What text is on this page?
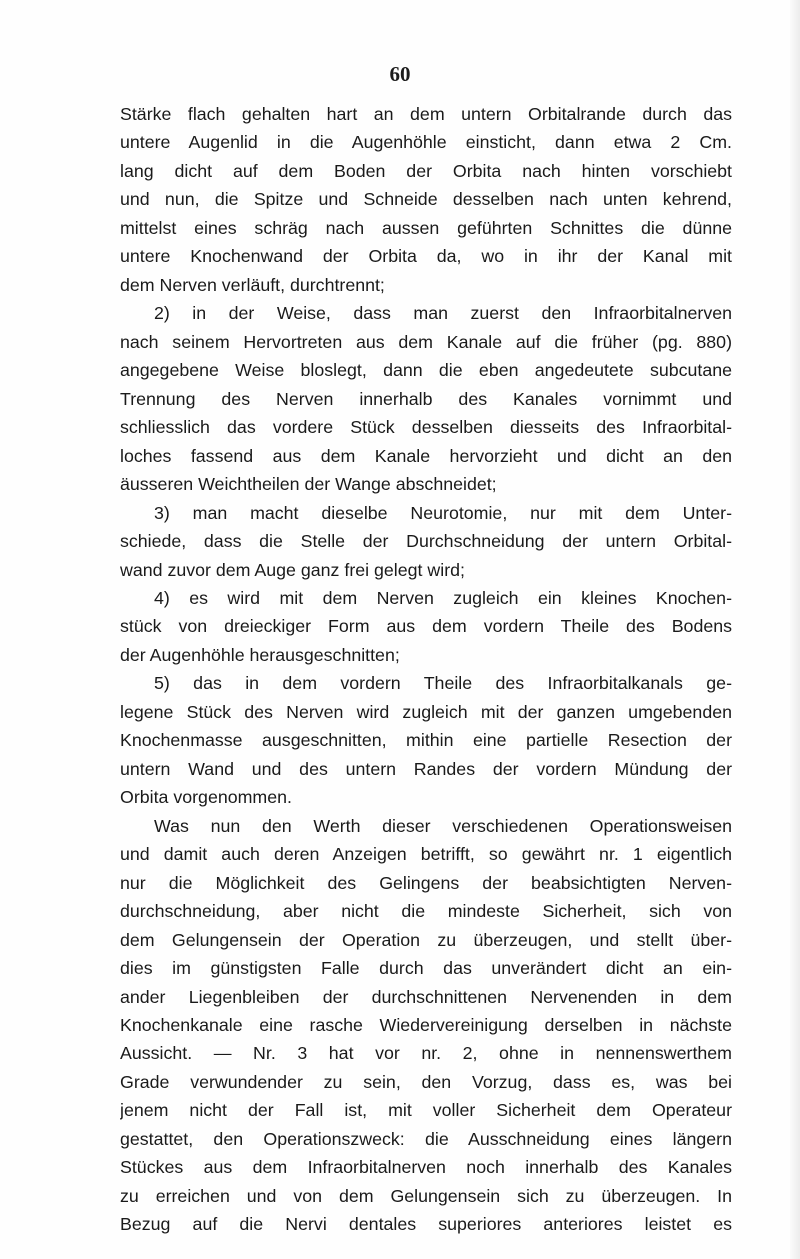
60
Stärke flach gehalten hart an dem untern Orbitalrande durch das
untere Augenlid in die Augenhöhle einsticht, dann etwa 2 Cm.
lang dicht auf dem Boden der Orbita nach hinten vorschiebt
und nun, die Spitze und Schneide desselben nach unten kehrend,
mittelst eines schräg nach aussen geführten Schnittes die dünne
untere Knochenwand der Orbita da, wo in ihr der Kanal mit
dem Nerven verläuft, durchtrennt;
2) in der Weise, dass man zuerst den Infraorbitalnerven
nach seinem Hervortreten aus dem Kanale auf die früher (pg. 880)
angegebene Weise bloslegt, dann die eben angedeutete subcutane
Trennung des Nerven innerhalb des Kanales vornimmt und
schliesslich das vordere Stück desselben diesseits des Infraorbital-
loches fassend aus dem Kanale hervorzieht und dicht an den
äusseren Weichtheilen der Wange abschneidet;
3) man macht dieselbe Neurotomie, nur mit dem Unter-
schiede, dass die Stelle der Durchschneidung der untern Orbital-
wand zuvor dem Auge ganz frei gelegt wird;
4) es wird mit dem Nerven zugleich ein kleines Knochen-
stück von dreieckiger Form aus dem vordern Theile des Bodens
der Augenhöhle herausgeschnitten;
5) das in dem vordern Theile des Infraorbitalkanals ge-
legene Stück des Nerven wird zugleich mit der ganzen umgebenden
Knochenmasse ausgeschnitten, mithin eine partielle Resection der
untern Wand und des untern Randes der vordern Mündung der
Orbita vorgenommen.
Was nun den Werth dieser verschiedenen Operationsweisen
und damit auch deren Anzeigen betrifft, so gewährt nr. 1 eigentlich
nur die Möglichkeit des Gelingens der beabsichtigten Nerven-
durchschneidung, aber nicht die mindeste Sicherheit, sich von
dem Gelungensein der Operation zu überzeugen, und stellt über-
dies im günstigsten Falle durch das unverändert dicht an ein-
ander Liegenbleiben der durchschnittenen Nervenenden in dem
Knochenkanale eine rasche Wiedervereinigung derselben in nächste
Aussicht. — Nr. 3 hat vor nr. 2, ohne in nennenswerthem
Grade verwundender zu sein, den Vorzug, dass es, was bei
jenem nicht der Fall ist, mit voller Sicherheit dem Operateur
gestattet, den Operationszweck: die Ausschneidung eines längern
Stückes aus dem Infraorbitalnerven noch innerhalb des Kanales
zu erreichen und von dem Gelungensein sich zu überzeugen. In
Bezug auf die Nervi dentales superiores anteriores leistet es
